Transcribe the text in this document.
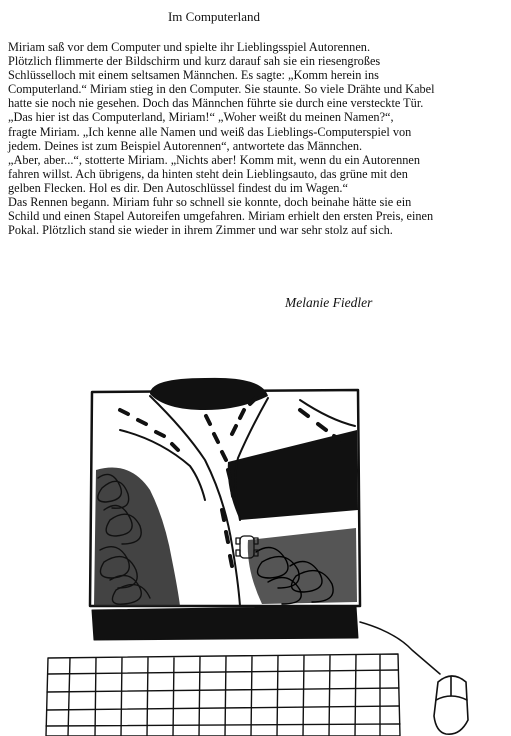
Im Computerland
Miriam saß vor dem Computer und spielte ihr Lieblingsspiel Autorennen.
Plötzlich flimmerte der Bildschirm und kurz darauf sah sie ein riesengroßes
Schlüsselloch mit einem seltsamen Männchen. Es sagte: „Komm herein ins
Computerland.“ Miriam stieg in den Computer. Sie staunte. So viele Drähte und Kabel
hatte sie noch nie gesehen. Doch das Männchen führte sie durch eine versteckte Tür.
„Das hier ist das Computerland, Miriam!“ „Woher weißt du meinen Namen?“,
fragte Miriam. „Ich kenne alle Namen und weiß das Lieblings-Computerspiel von
jedem. Deines ist zum Beispiel Autorennen“, antwortete das Männchen.
„Aber, aber...“, stotterte Miriam. „Nichts aber! Komm mit, wenn du ein Autorennen
fahren willst. Ach übrigens, da hinten steht dein Lieblingsauto, das grüne mit den
gelben Flecken. Hol es dir. Den Autoschlüssel findest du im Wagen.“
Das Rennen begann. Miriam fuhr so schnell sie konnte, doch beinahe hätte sie ein
Schild und einen Stapel Autoreifen umgefahren. Miriam erhielt den ersten Preis, einen
Pokal. Plötzlich stand sie wieder in ihrem Zimmer und war sehr stolz auf sich.
Melanie Fiedler
